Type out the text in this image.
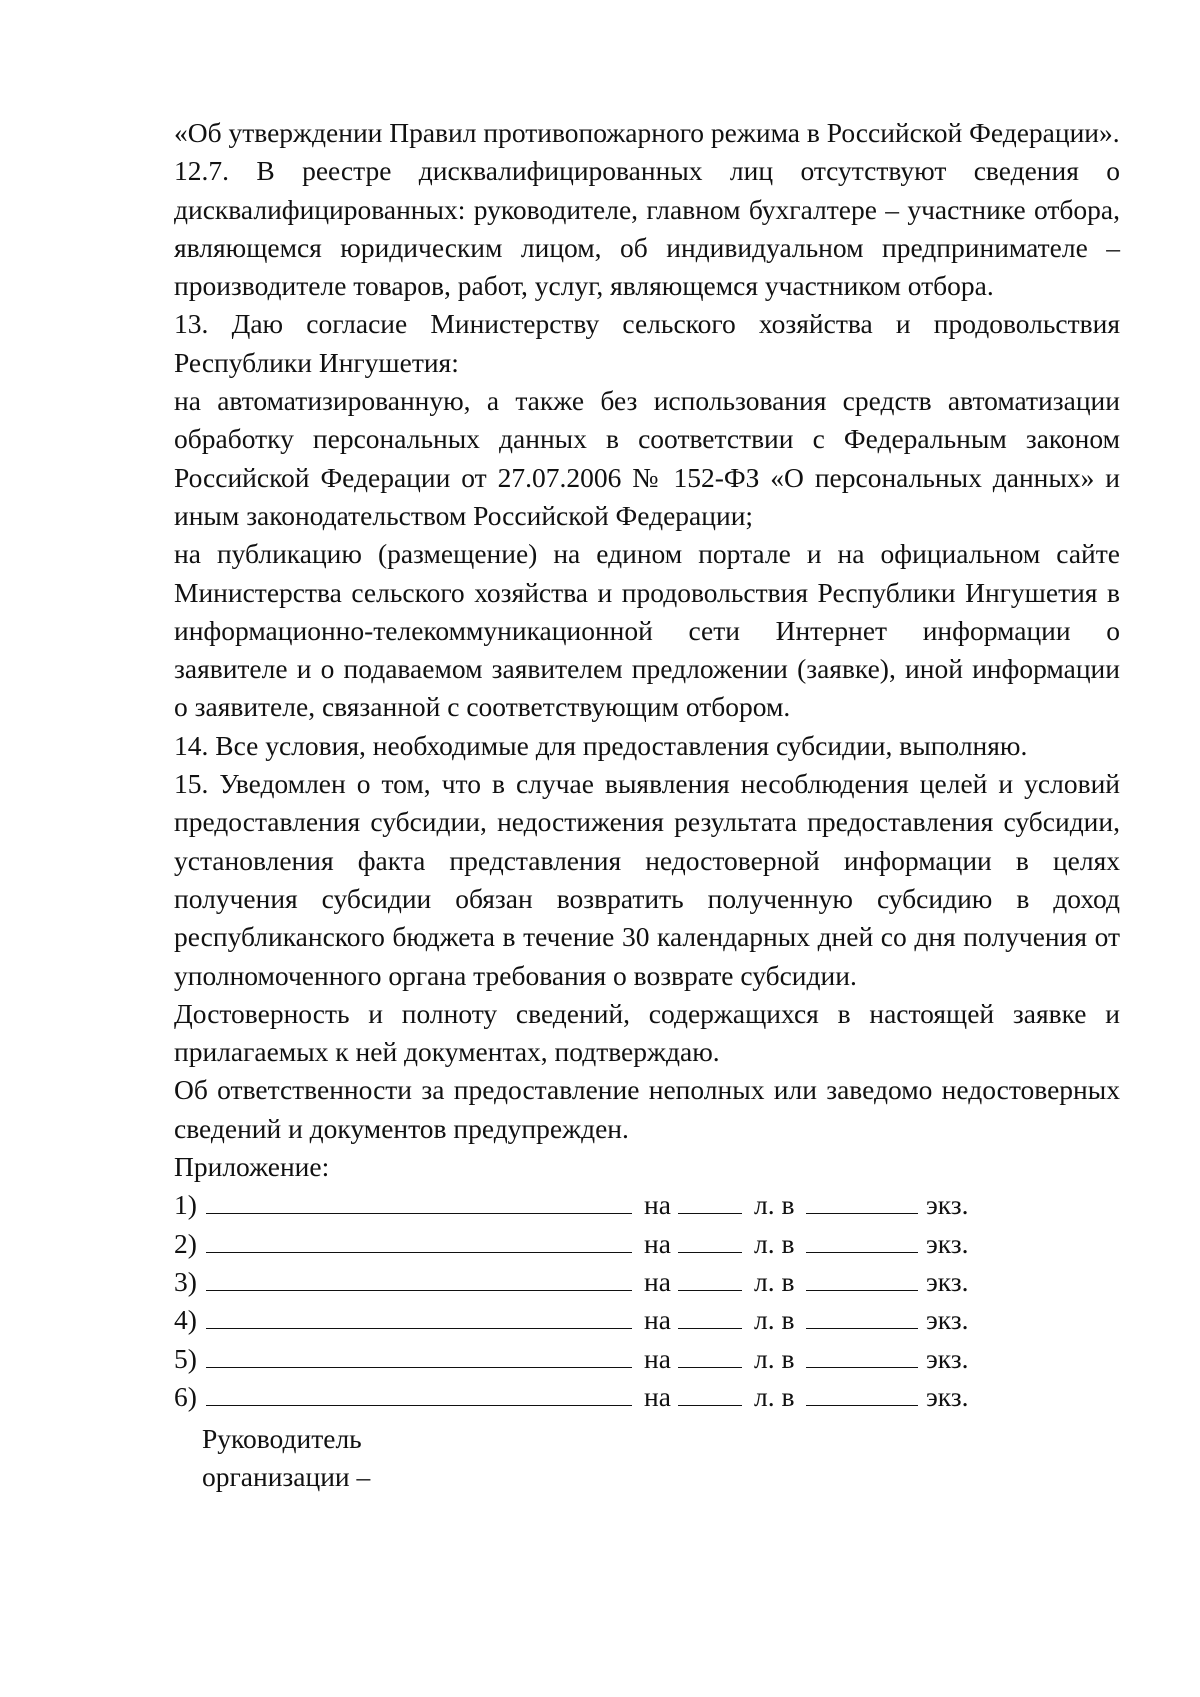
«Об утверждении Правил противопожарного режима в Российской Федерации».

12.7. В реестре дисквалифицированных лиц отсутствуют сведения о дисквалифицированных: руководителе, главном бухгалтере – участнике отбора, являющемся юридическим лицом, об индивидуальном предпринимателе – производителе товаров, работ, услуг, являющемся участником отбора.

13. Даю согласие Министерству сельского хозяйства и продовольствия Республики Ингушетия:

на автоматизированную, а также без использования средств автоматизации обработку персональных данных в соответствии с Федеральным законом Российской Федерации от 27.07.2006 № 152-ФЗ «О персональных данных» и иным законодательством Российской Федерации;

на публикацию (размещение) на едином портале и на официальном сайте Министерства сельского хозяйства и продовольствия Республики Ингушетия в информационно-телекоммуникационной сети Интернет информации о заявителе и о подаваемом заявителем предложении (заявке), иной информации о заявителе, связанной с соответствующим отбором.

14. Все условия, необходимые для предоставления субсидии, выполняю.

15. Уведомлен о том, что в случае выявления несоблюдения целей и условий предоставления субсидии, недостижения результата предоставления субсидии, установления факта представления недостоверной информации в целях получения субсидии обязан возвратить полученную субсидию в доход республиканского бюджета в течение 30 календарных дней со дня получения от уполномоченного органа требования о возврате субсидии.

Достоверность и полноту сведений, содержащихся в настоящей заявке и прилагаемых к ней документах, подтверждаю.

Об ответственности за предоставление неполных или заведомо недостоверных сведений и документов предупрежден.

Приложение:

1)	на	л. в	экз.
2)	на	л. в	экз.
3)	на	л. в	экз.
4)	на	л. в	экз.
5)	на	л. в	экз.
6)	на	л. в	экз.
Руководитель
организации –
